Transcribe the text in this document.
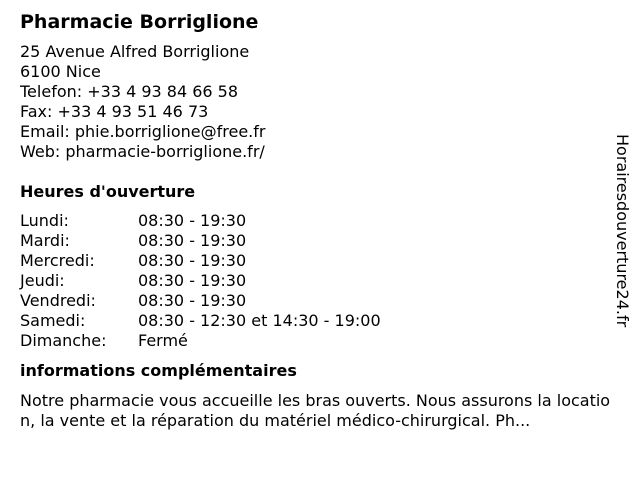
Pharmacie Borriglione
25 Avenue Alfred Borriglione
6100 Nice
Telefon: +33 4 93 84 66 58
Fax: +33 4 93 51 46 73
Email: phie.borriglione@free.fr
Web: pharmacie-borriglione.fr/
Heures d'ouverture
Lundi:	08:30 - 19:30
Mardi:	08:30 - 19:30
Mercredi:	08:30 - 19:30
Jeudi:	08:30 - 19:30
Vendredi:	08:30 - 19:30
Samedi:	08:30 - 12:30 et 14:30 - 19:00
Dimanche: Fermé
informations complémentaires
Notre pharmacie vous accueille les bras ouverts. Nous assurons la location, la vente et la réparation du matériel médico-chirurgical. Ph...
Horairesdouverture24.fr
